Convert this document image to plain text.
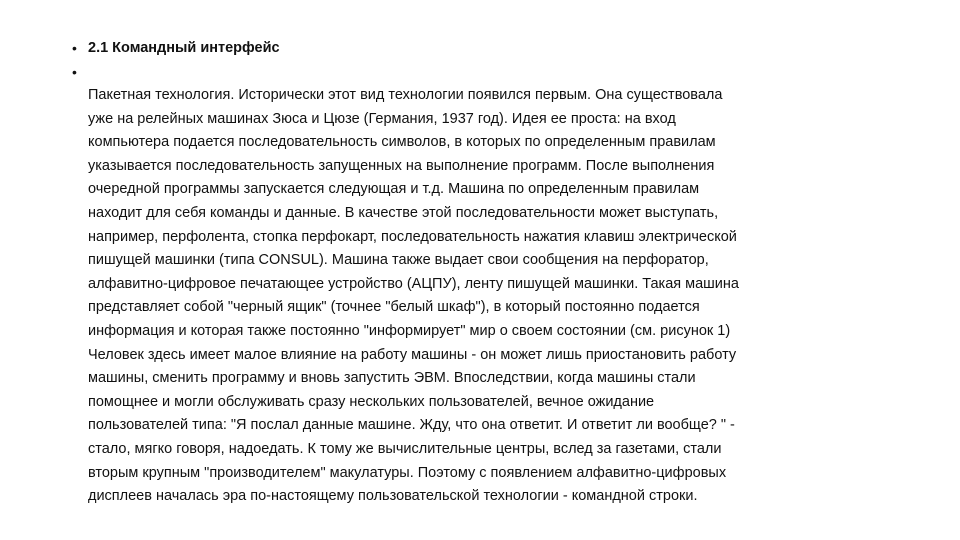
• 2.1 Командный интерфейс
•

Пакетная технология. Исторически этот вид технологии появился первым. Она существовала
уже на релейных машинах Зюса и Цюзе (Германия, 1937 год). Идея ее проста: на вход
компьютера подается последовательность символов, в которых по определенным правилам
указывается последовательность запущенных на выполнение программ. После выполнения
очередной программы запускается следующая и т.д. Машина по определенным правилам
находит для себя команды и данные. В качестве этой последовательности может выступать,
например, перфолента, стопка перфокарт, последовательность нажатия клавиш электрической
пишущей машинки (типа CONSUL). Машина также выдает свои сообщения на перфоратор,
алфавитно-цифровое печатающее устройство (АЦПУ), ленту пишущей машинки. Такая машина
представляет собой "черный ящик" (точнее "белый шкаф"), в который постоянно подается
информация и которая также постоянно "информирует" мир о своем состоянии (см. рисунок 1)
Человек здесь имеет малое влияние на работу машины - он может лишь приостановить работу
машины, сменить программу и вновь запустить ЭВМ. Впоследствии, когда машины стали
помощнее и могли обслуживать сразу нескольких пользователей, вечное ожидание
пользователей типа: "Я послал данные машине. Жду, что она ответит. И ответит ли вообще? " -
стало, мягко говоря, надоедать. К тому же вычислительные центры, вслед за газетами, стали
вторым крупным "производителем" макулатуры. Поэтому с появлением алфавитно-цифровых
дисплеев началась эра по-настоящему пользовательской технологии - командной строки.
